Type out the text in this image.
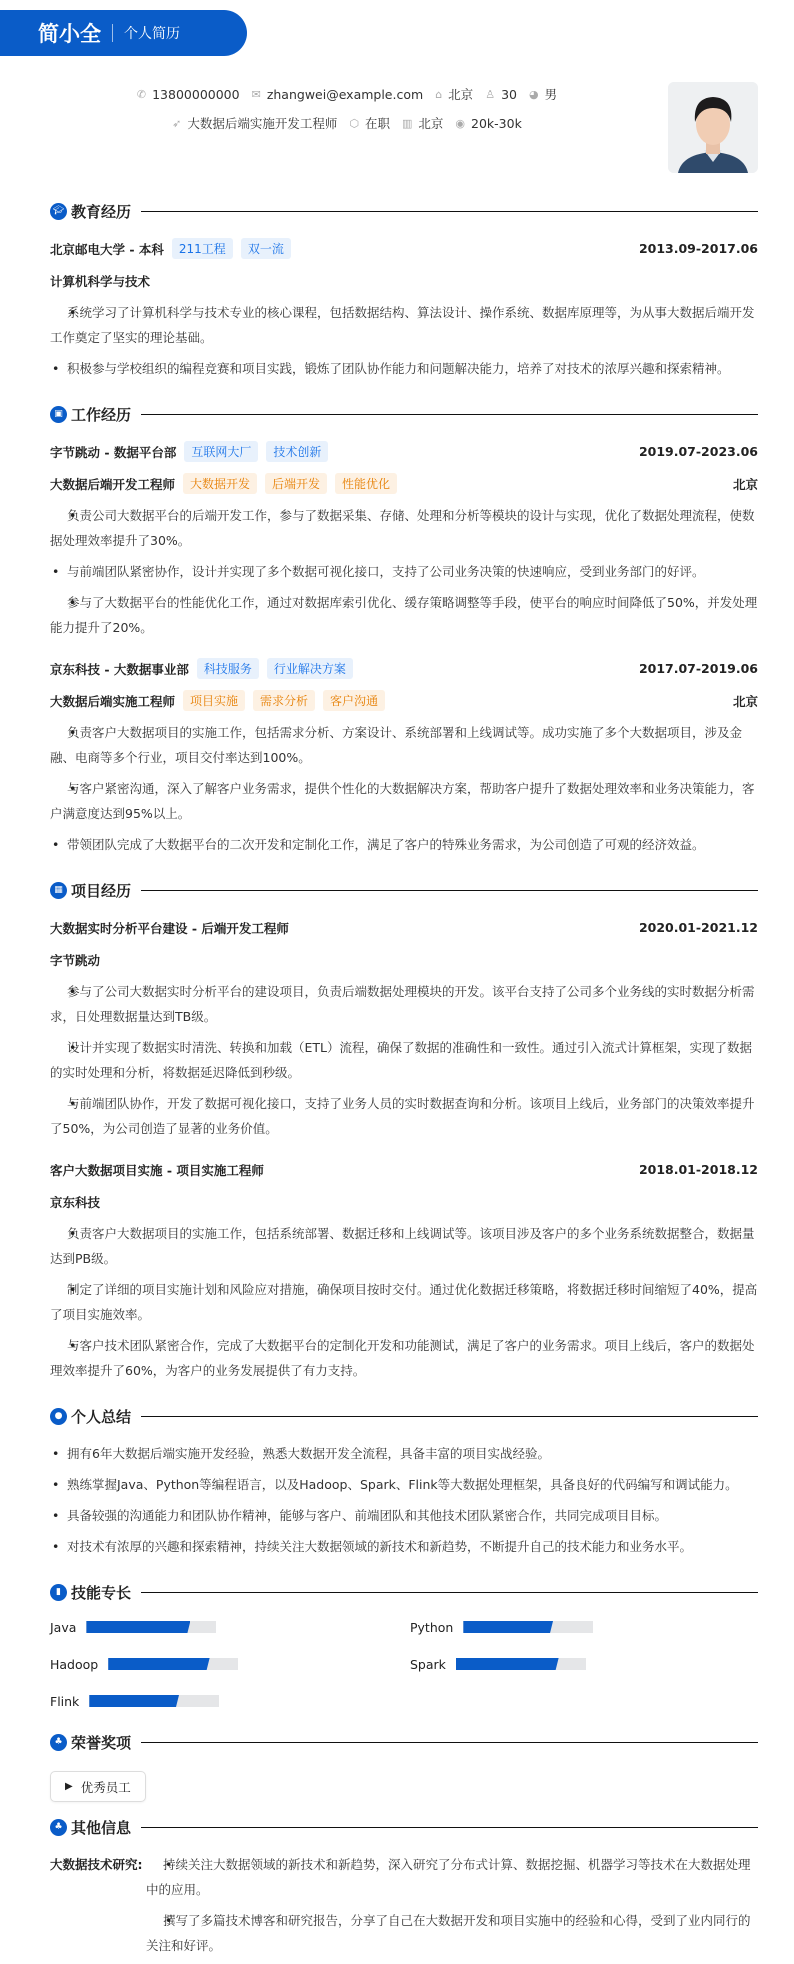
简小全 个人简历
✆ 13800000000 ✉ zhangwei@example.com ⌂ 北京 ♙ 30 ◕ 男
➶ 大数据后端实施开发工程师 ⬡ 在职 ▥ 北京 ◉ 20k-30k
🎓︎ 教育经历
北京邮电大学 - 本科	211工程	双一流	2013.09-2017.06
计算机科学与技术
• 系统学习了计算机科学与技术专业的核心课程，包括数据结构、算法设计、操作系统、数据库原理等，为从事大数据后端开发工作奠定了坚实的理论基础。
• 积极参与学校组织的编程竞赛和项目实践，锻炼了团队协作能力和问题解决能力，培养了对技术的浓厚兴趣和探索精神。
▣ 工作经历
字节跳动 - 数据平台部	互联网大厂	技术创新	2019.07-2023.06
大数据后端开发工程师	大数据开发	后端开发	性能优化	北京
• 负责公司大数据平台的后端开发工作，参与了数据采集、存储、处理和分析等模块的设计与实现，优化了数据处理流程，使数据处理效率提升了30%。
• 与前端团队紧密协作，设计并实现了多个数据可视化接口，支持了公司业务决策的快速响应，受到业务部门的好评。
• 参与了大数据平台的性能优化工作，通过对数据库索引优化、缓存策略调整等手段，使平台的响应时间降低了50%，并发处理能力提升了20%。
京东科技 - 大数据事业部	科技服务	行业解决方案	2017.07-2019.06
大数据后端实施工程师	项目实施	需求分析	客户沟通	北京
• 负责客户大数据项目的实施工作，包括需求分析、方案设计、系统部署和上线调试等。成功实施了多个大数据项目，涉及金融、电商等多个行业，项目交付率达到100%。
• 与客户紧密沟通，深入了解客户业务需求，提供个性化的大数据解决方案，帮助客户提升了数据处理效率和业务决策能力，客户满意度达到95%以上。
• 带领团队完成了大数据平台的二次开发和定制化工作，满足了客户的特殊业务需求，为公司创造了可观的经济效益。
▦ 项目经历
大数据实时分析平台建设 - 后端开发工程师	2020.01-2021.12
字节跳动
• 参与了公司大数据实时分析平台的建设项目，负责后端数据处理模块的开发。该平台支持了公司多个业务线的实时数据分析需求，日处理数据量达到TB级。
• 设计并实现了数据实时清洗、转换和加载（ETL）流程，确保了数据的准确性和一致性。通过引入流式计算框架，实现了数据的实时处理和分析，将数据延迟降低到秒级。
• 与前端团队协作，开发了数据可视化接口，支持了业务人员的实时数据查询和分析。该项目上线后，业务部门的决策效率提升了50%，为公司创造了显著的业务价值。
客户大数据项目实施 - 项目实施工程师	2018.01-2018.12
京东科技
• 负责客户大数据项目的实施工作，包括系统部署、数据迁移和上线调试等。该项目涉及客户的多个业务系统数据整合，数据量达到PB级。
• 制定了详细的项目实施计划和风险应对措施，确保项目按时交付。通过优化数据迁移策略，将数据迁移时间缩短了40%，提高了项目实施效率。
• 与客户技术团队紧密合作，完成了大数据平台的定制化开发和功能测试，满足了客户的业务需求。项目上线后，客户的数据处理效率提升了60%，为客户的业务发展提供了有力支持。
● 个人总结
• 拥有6年大数据后端实施开发经验，熟悉大数据开发全流程，具备丰富的项目实战经验。
• 熟练掌握Java、Python等编程语言，以及Hadoop、Spark、Flink等大数据处理框架，具备良好的代码编写和调试能力。
• 具备较强的沟通能力和团队协作精神，能够与客户、前端团队和其他技术团队紧密合作，共同完成项目目标。
• 对技术有浓厚的兴趣和探索精神，持续关注大数据领域的新技术和新趋势，不断提升自己的技术能力和业务水平。
▮ 技能专长
Java	Python
Hadoop	Spark
Flink
♣ 荣誉奖项
▶ 优秀员工
♣ 其他信息
大数据技术研究:	• 持续关注大数据领域的新技术和新趋势，深入研究了分布式计算、数据挖掘、机器学习等技术在大数据处理中的应用。
• 撰写了多篇技术博客和研究报告，分享了自己在大数据开发和项目实施中的经验和心得，受到了业内同行的关注和好评。
